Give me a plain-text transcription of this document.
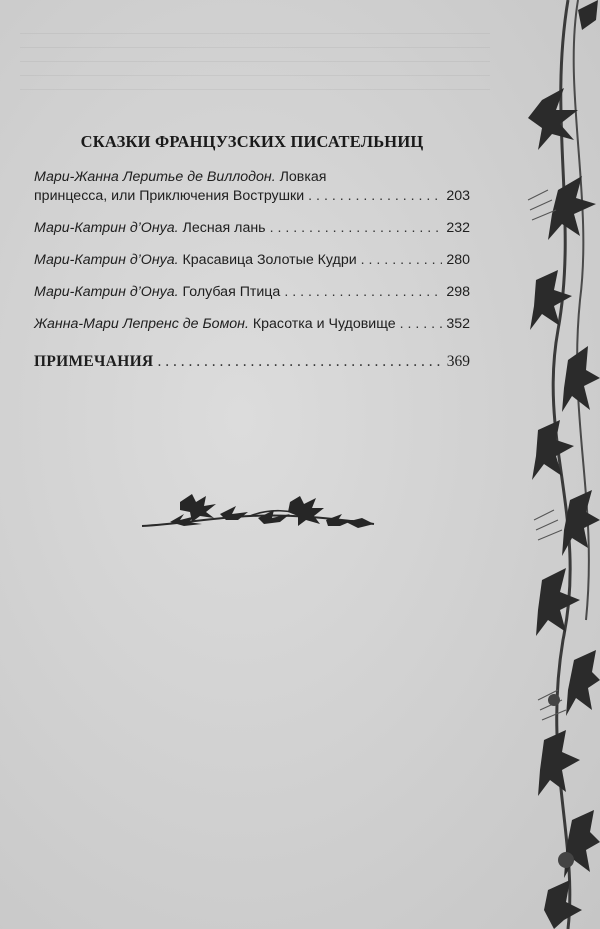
СКАЗКИ ФРАНЦУЗСКИХ ПИСАТЕЛЬНИЦ
Мари-Жанна Леритье де Виллодон. Ловкая
принцесса, или Приключения Вострушки . . .	203
Мари-Катрин д’Онуа.
Лесная лань . . .	232
Мари-Катрин д’Онуа.
Красавица Золотые Кудри . . .	280
Мари-Катрин д’Онуа.
Голубая Птица . . .	298
Жанна-Мари Лепренс де Бомон.
Красотка и Чудовище . . .	352
ПРИМЕЧАНИЯ . . .	369
